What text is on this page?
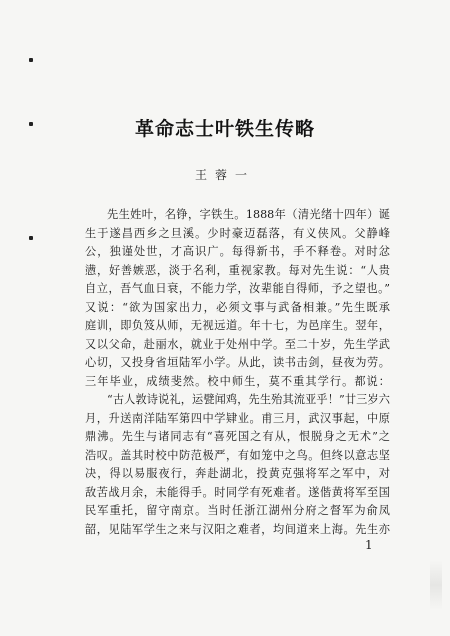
革命志士叶铁生传略
王蓉一
先生姓叶，名铮，字铁生。1888年（清光绪十四年）诞
生于遂昌西乡之旦溪。少时豪迈磊落，有义侠风。父静峰
公，独谨处世，才高识广。每得新书，手不释卷。对时忿
懑，好善嫉恶，淡于名利，重视家教。每对先生说：“人贵
自立，吾气血日衰，不能力学，汝辈能自得师，予之望也。”
又说：“欲为国家出力，必须文事与武备相兼。”先生既承
庭训，即负笈从师，无视远道。年十七，为邑庠生。翌年，
又以父命，赴丽水，就业于处州中学。至二十岁，先生学武
心切，又投身省垣陆军小学。从此，读书击剑，昼夜为劳。
三年毕业，成绩斐然。校中师生，莫不重其学行。都说：
“古人敦诗说礼，运甓闻鸡，先生殆其流亚乎！”廿三岁六
月，升送南洋陆军第四中学肄业。甫三月，武汉事起，中原
鼎沸。先生与诸同志有“喜死国之有从，恨脱身之无术”之
浩叹。盖其时校中防范极严，有如笼中之鸟。但终以意志坚
决，得以易服夜行，奔赴湖北，投黄克强将军之军中，对
敌苦战月余，未能得手。时同学有死难者。遂偕黄将军至国
民军重托，留守南京。当时任浙江湖州分府之督军为俞凤
韶，见陆军学生之来与汉阳之难者，均间道来上海。先生亦
1
